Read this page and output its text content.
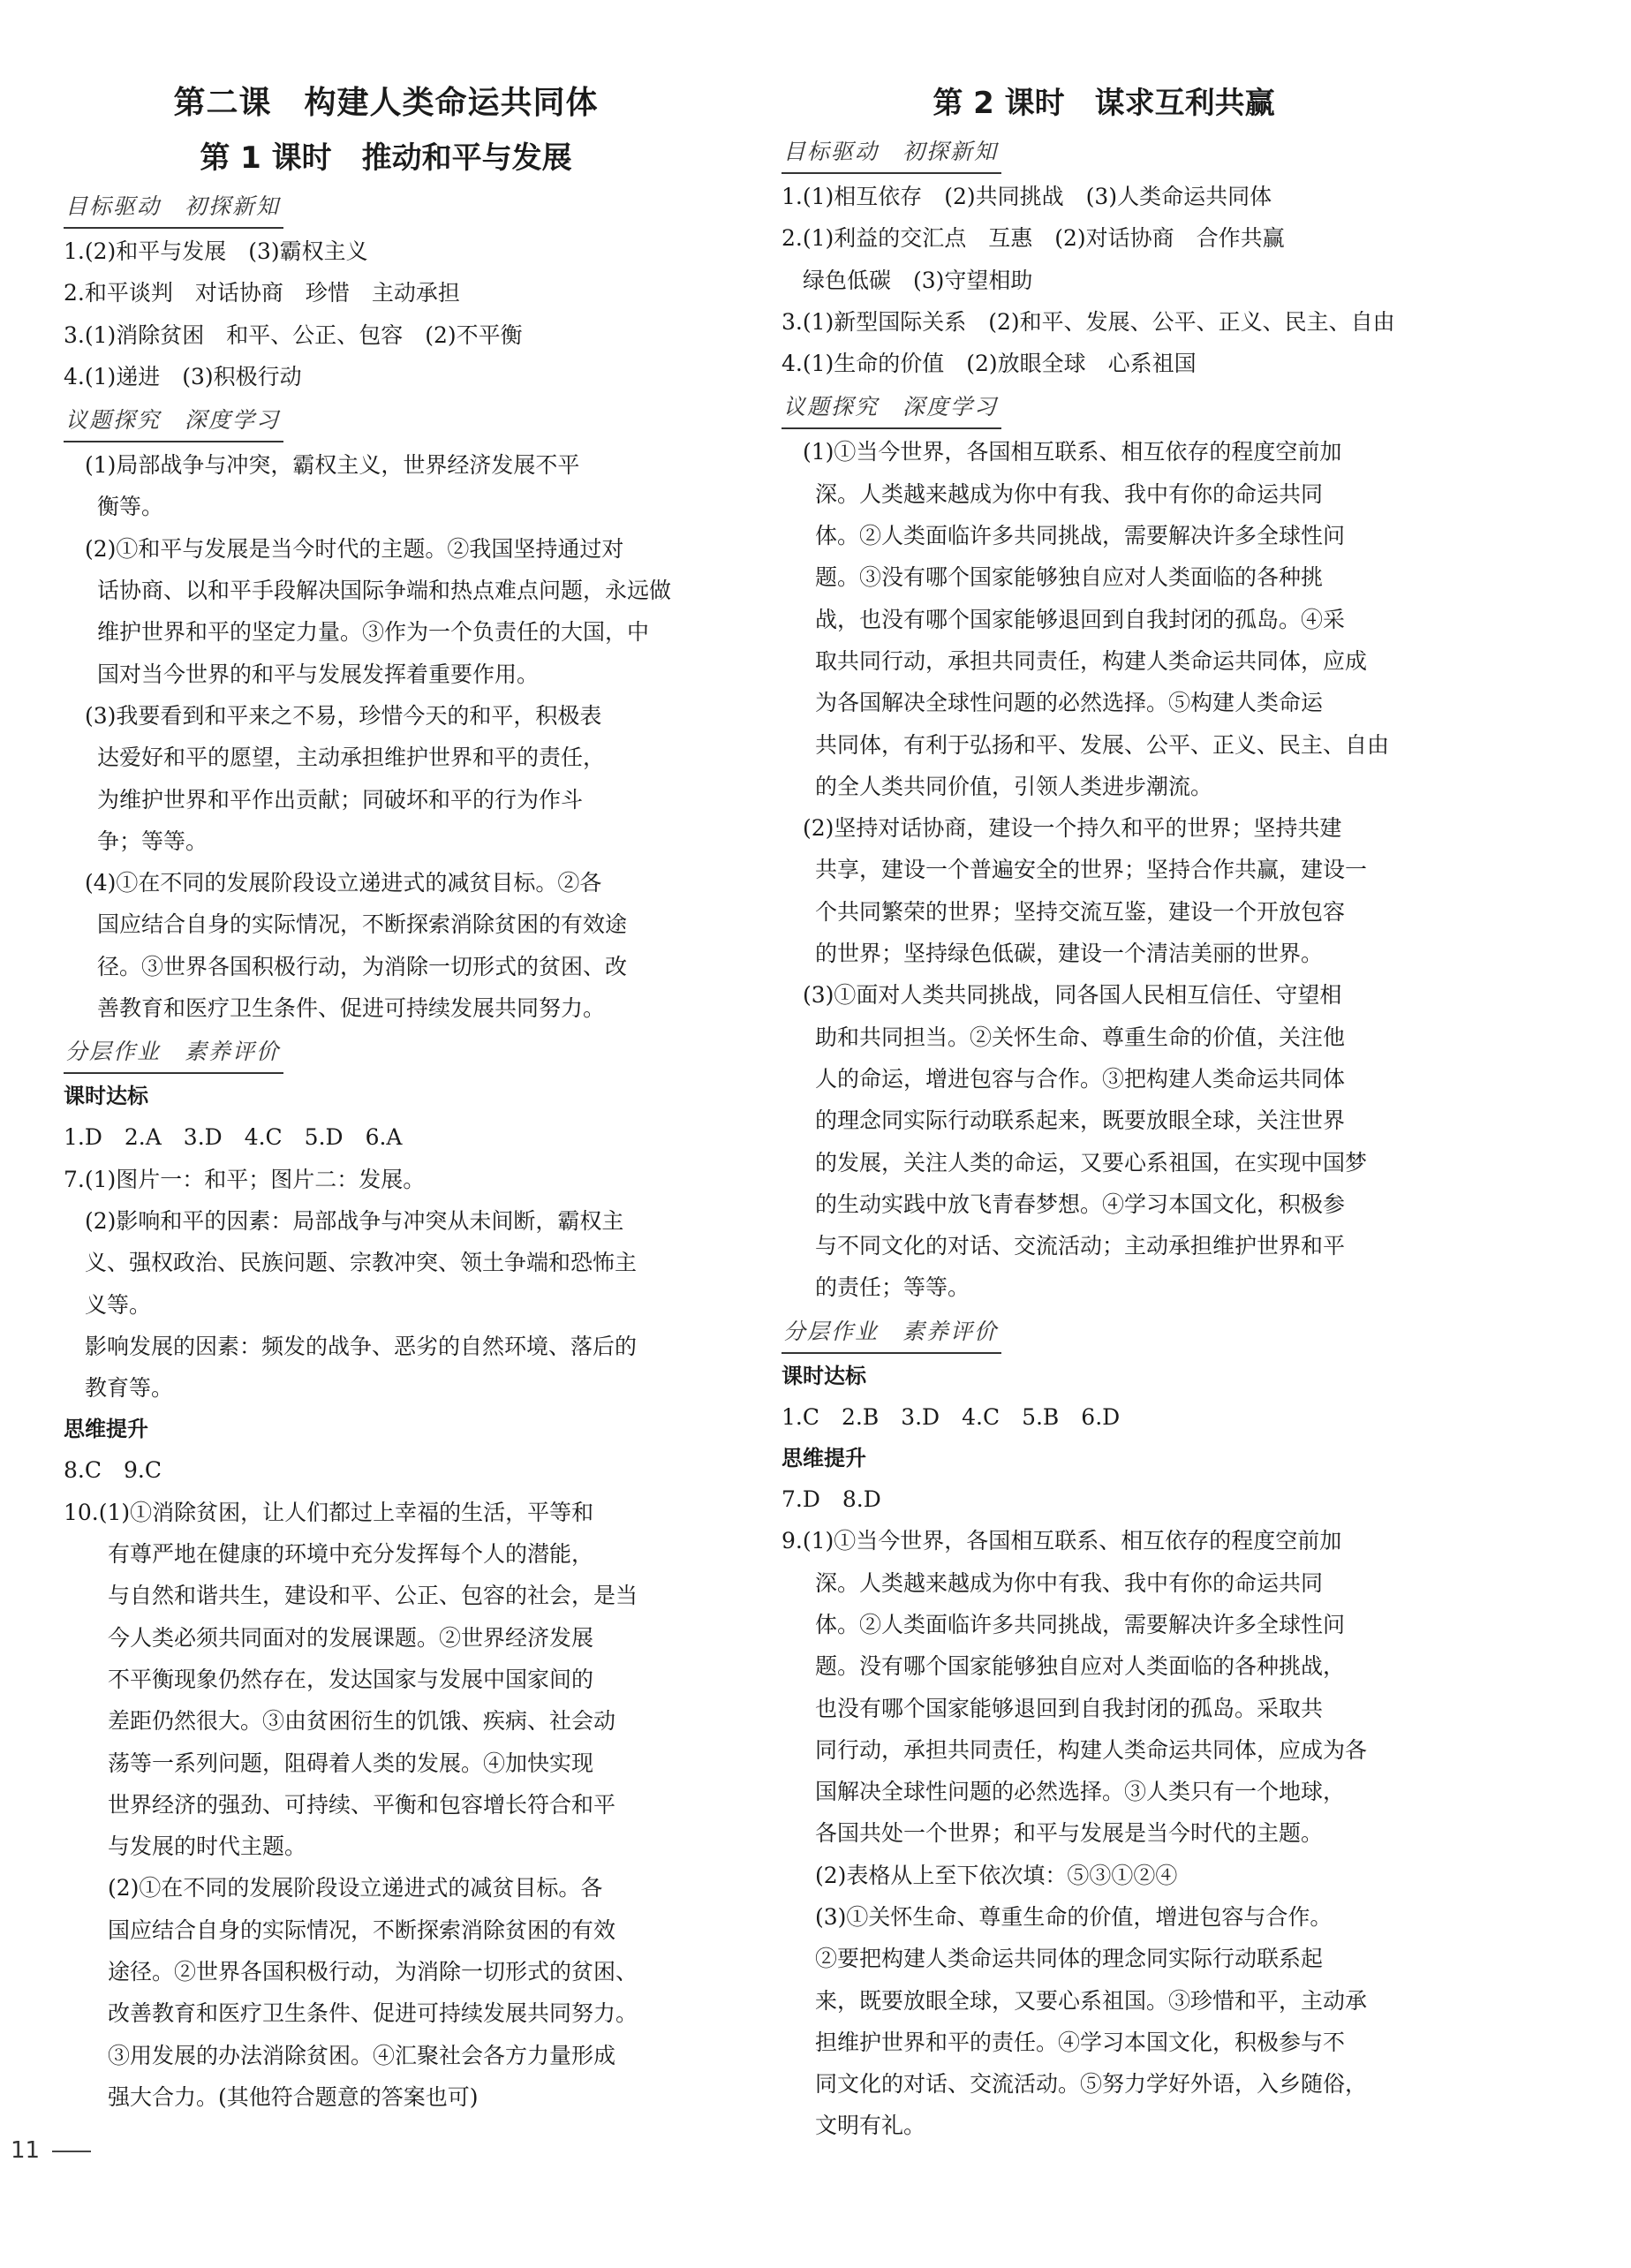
第二课　构建人类命运共同体
第 1 课时　推动和平与发展
目标驱动　初探新知
1.(2)和平与发展　(3)霸权主义
2.和平谈判　对话协商　珍惜　主动承担
3.(1)消除贫困　和平、公正、包容　(2)不平衡
4.(1)递进　(3)积极行动
议题探究　深度学习
(1)局部战争与冲突，霸权主义，世界经济发展不平
衡等。
(2)①和平与发展是当今时代的主题。②我国坚持通过对
话协商、以和平手段解决国际争端和热点难点问题，永远做
维护世界和平的坚定力量。③作为一个负责任的大国，中
国对当今世界的和平与发展发挥着重要作用。
(3)我要看到和平来之不易，珍惜今天的和平，积极表
达爱好和平的愿望，主动承担维护世界和平的责任，
为维护世界和平作出贡献；同破坏和平的行为作斗
争；等等。
(4)①在不同的发展阶段设立递进式的减贫目标。②各
国应结合自身的实际情况，不断探索消除贫困的有效途
径。③世界各国积极行动，为消除一切形式的贫困、改
善教育和医疗卫生条件、促进可持续发展共同努力。
分层作业　素养评价
课时达标
1.D　2.A　3.D　4.C　5.D　6.A
7.(1)图片一：和平；图片二：发展。
(2)影响和平的因素：局部战争与冲突从未间断，霸权主
义、强权政治、民族问题、宗教冲突、领土争端和恐怖主
义等。
影响发展的因素：频发的战争、恶劣的自然环境、落后的
教育等。
思维提升
8.C　9.C
10.(1)①消除贫困，让人们都过上幸福的生活，平等和
有尊严地在健康的环境中充分发挥每个人的潜能，
与自然和谐共生，建设和平、公正、包容的社会，是当
今人类必须共同面对的发展课题。②世界经济发展
不平衡现象仍然存在，发达国家与发展中国家间的
差距仍然很大。③由贫困衍生的饥饿、疾病、社会动
荡等一系列问题，阻碍着人类的发展。④加快实现
世界经济的强劲、可持续、平衡和包容增长符合和平
与发展的时代主题。
(2)①在不同的发展阶段设立递进式的减贫目标。各
国应结合自身的实际情况，不断探索消除贫困的有效
途径。②世界各国积极行动，为消除一切形式的贫困、
改善教育和医疗卫生条件、促进可持续发展共同努力。
③用发展的办法消除贫困。④汇聚社会各方力量形成
强大合力。(其他符合题意的答案也可)
第 2 课时　谋求互利共赢
目标驱动　初探新知
1.(1)相互依存　(2)共同挑战　(3)人类命运共同体
2.(1)利益的交汇点　互惠　(2)对话协商　合作共赢
绿色低碳　(3)守望相助
3.(1)新型国际关系　(2)和平、发展、公平、正义、民主、自由
4.(1)生命的价值　(2)放眼全球　心系祖国
议题探究　深度学习
(1)①当今世界，各国相互联系、相互依存的程度空前加
深。人类越来越成为你中有我、我中有你的命运共同
体。②人类面临许多共同挑战，需要解决许多全球性问
题。③没有哪个国家能够独自应对人类面临的各种挑
战，也没有哪个国家能够退回到自我封闭的孤岛。④采
取共同行动，承担共同责任，构建人类命运共同体，应成
为各国解决全球性问题的必然选择。⑤构建人类命运
共同体，有利于弘扬和平、发展、公平、正义、民主、自由
的全人类共同价值，引领人类进步潮流。
(2)坚持对话协商，建设一个持久和平的世界；坚持共建
共享，建设一个普遍安全的世界；坚持合作共赢，建设一
个共同繁荣的世界；坚持交流互鉴，建设一个开放包容
的世界；坚持绿色低碳，建设一个清洁美丽的世界。
(3)①面对人类共同挑战，同各国人民相互信任、守望相
助和共同担当。②关怀生命、尊重生命的价值，关注他
人的命运，增进包容与合作。③把构建人类命运共同体
的理念同实际行动联系起来，既要放眼全球，关注世界
的发展，关注人类的命运，又要心系祖国，在实现中国梦
的生动实践中放飞青春梦想。④学习本国文化，积极参
与不同文化的对话、交流活动；主动承担维护世界和平
的责任；等等。
分层作业　素养评价
课时达标
1.C　2.B　3.D　4.C　5.B　6.D
思维提升
7.D　8.D
9.(1)①当今世界，各国相互联系、相互依存的程度空前加
深。人类越来越成为你中有我、我中有你的命运共同
体。②人类面临许多共同挑战，需要解决许多全球性问
题。没有哪个国家能够独自应对人类面临的各种挑战，
也没有哪个国家能够退回到自我封闭的孤岛。采取共
同行动，承担共同责任，构建人类命运共同体，应成为各
国解决全球性问题的必然选择。③人类只有一个地球，
各国共处一个世界；和平与发展是当今时代的主题。
(2)表格从上至下依次填：⑤③①②④
(3)①关怀生命、尊重生命的价值，增进包容与合作。
②要把构建人类命运共同体的理念同实际行动联系起
来，既要放眼全球，又要心系祖国。③珍惜和平，主动承
担维护世界和平的责任。④学习本国文化，积极参与不
同文化的对话、交流活动。⑤努力学好外语，入乡随俗，
文明有礼。
11
